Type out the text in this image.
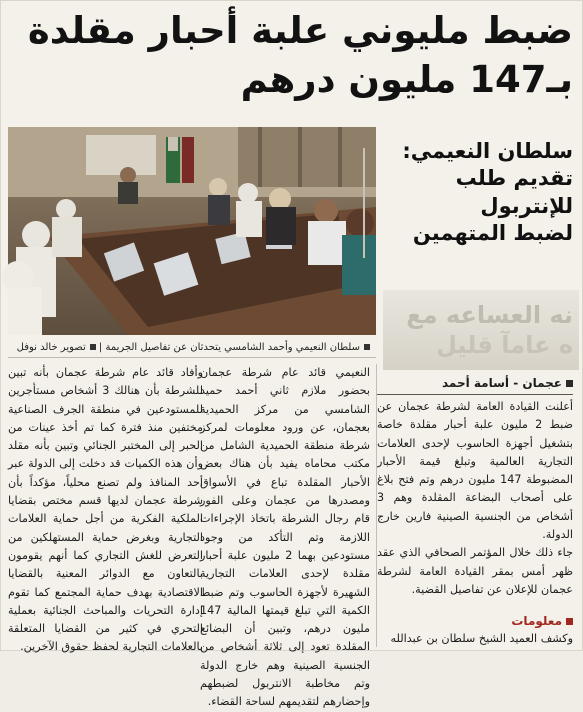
ضبط مليوني علبة أحبار مقلدة
بـ147 مليون درهم
سلطان النعيمي وأحمد الشامسي يتحدثان عن تفاصيل الجريمة | تصوير خالد نوفل
سلطان النعيمي:
تقديم طلب للإنتربول
لضبط المتهمين
نه العساعه مع
ه عامآ قليل
عجمان - أسامة أحمد

أعلنت القيادة العامة لشرطة عجمان عن ضبط 2 مليون علبة أحبار مقلدة خاصة بتشغيل أجهزة الحاسوب لإحدى العلامات التجارية العالمية وتبلغ قيمة الأحبار المضبوطة 147 مليون درهم وتم فتح بلاغ على أصحاب البضاعة المقلدة وهم 3 أشخاص من الجنسية الصينية فارين خارج الدولة.

جاء ذلك خلال المؤتمر الصحافي الذي عقد ظهر أمس بمقر القيادة العامة لشرطة عجمان للإعلان عن تفاصيل القضية.

النعيمي قائد عام شرطة عجمان بحضور ملازم ثاني أحمد حميد الشامسي من مركز الحميدية بعجمان، عن ورود معلومات لمركز شرطة منطقة الحميدية الشامل من مكتب محاماه يفيد بأن هناك بعض الأحبار المقلدة تباع في الأسواق ومصدرها من عجمان وعلى الفور قام رجال الشرطة باتخاذ الإجراءات اللازمة وتم التأكد من وجود مستودعين بهما 2 مليون علبة أحبار مقلدة لإحدى العلامات التجارية الشهيرة لأجهزة الحاسوب وتم ضبط الكمية التي تبلغ قيمتها المالية 147 مليون درهم، وتبين أن البضائع المقلدة تعود إلى ثلاثة أشخاص من الجنسية الصينية وهم خارج الدولة وتم مخاطبة الانتربول لضبطهم وإحضارهم لتقديمهم لساحة القضاء.

وأفاد قائد عام شرطة عجمان بأنه تبين للشرطة بأن هنالك 3 أشخاص مستأجرين للمستودعين في منطقة الجرف الصناعية مختفين منذ فترة كما تم أخذ عينات من الحبر إلى المختبر الجنائي وتبين بأنه مقلد وأن هذه الكميات قد دخلت إلى الدولة عبر أحد المنافذ ولم تصنع محلياً، مؤكداً بأن شرطة عجمان لديها قسم مختص بقضايا الملكية الفكرية من أجل حماية العلامات التجارية وبغرض حماية المستهلكين من التعرض للغش التجاري كما أنهم يقومون بالتعاون مع الدوائر المعنية بالقضايا الاقتصادية بهدف حماية المجتمع كما تقوم إدارة التحريات والمباحث الجنائية بعملية التحري في كثير من القضايا المتعلقة بالعلامات التجارية لحفظ حقوق الآخرين.

معلومات
وكشف العميد الشيخ سلطان بن عبدالله
